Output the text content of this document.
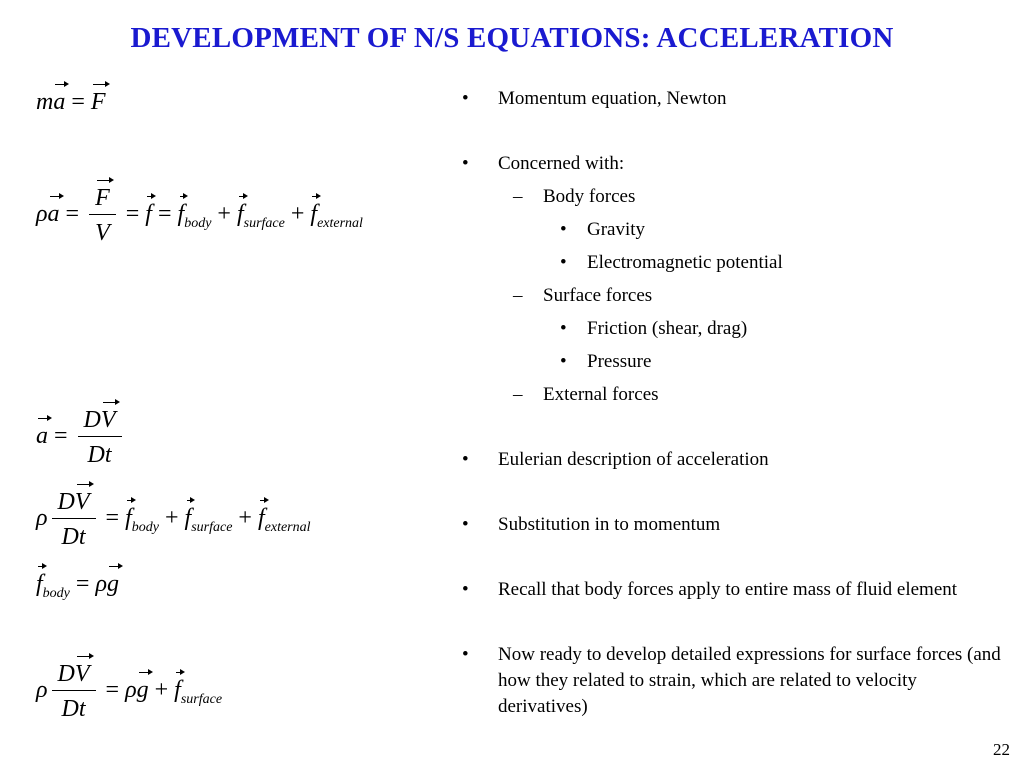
DEVELOPMENT OF N/S EQUATIONS: ACCELERATION
ma = F
$\rho a = \frac{F}{V} = f = f_{body} + f_{surface} + f_{external}$
$a = \frac{DV}{Dt}$
ρ $\frac{DV}{Dt} = f_{body} + f_{surface} + f_{external}$
$f_{body} = \rho g$
ρ $\frac{DV}{Dt} = \rho g + f_{surface}$
• Momentum equation, Newton
• Concerned with:
– Body forces
• Gravity
• Electromagnetic potential
– Surface forces
• Friction (shear, drag)
• Pressure
– External forces
• Eulerian description of acceleration
• Substitution in to momentum
• Recall that body forces apply to entire mass of fluid element
• Now ready to develop detailed expressions for surface forces (and how they related to strain, which are related to velocity derivatives)
22
